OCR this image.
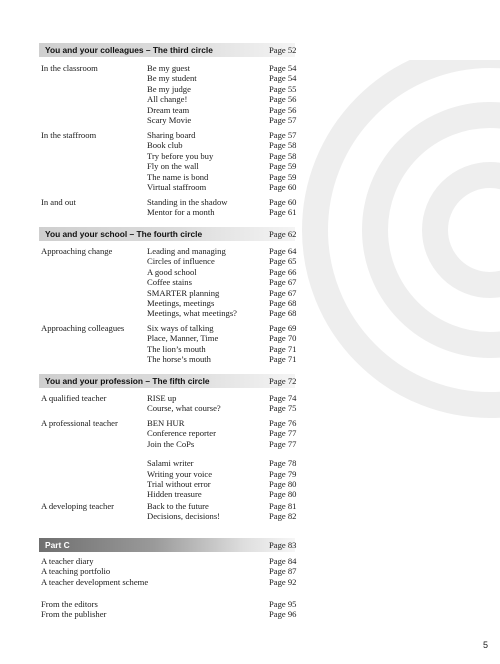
You and your colleagues – The third circle	Page 52
In the classroom	Be my guest	Page 54
Be my student	Page 54
Be my judge	Page 55
All change!	Page 56
Dream team	Page 56
Scary Movie	Page 57
In the staffroom	Sharing board	Page 57
Book club	Page 58
Try before you buy	Page 58
Fly on the wall	Page 59
The name is bond	Page 59
Virtual staffroom	Page 60
In and out	Standing in the shadow	Page 60
Mentor for a month	Page 61
You and your school – The fourth circle	Page 62
Approaching change	Leading and managing	Page 64
Circles of influence	Page 65
A good school	Page 66
Coffee stains	Page 67
SMARTER planning	Page 67
Meetings, meetings	Page 68
Meetings, what meetings?	Page 68
Approaching colleagues	Six ways of talking	Page 69
Place, Manner, Time	Page 70
The lion’s mouth	Page 71
The horse’s mouth	Page 71
You and your profession – The fifth circle	Page 72
A qualified teacher	RISE up	Page 74
Course, what course?	Page 75
A professional teacher	BEN HUR	Page 76
Conference reporter	Page 77
Join the CoPs	Page 77
Salami writer	Page 78
Writing your voice	Page 79
Trial without error	Page 80
Hidden treasure	Page 80
A developing teacher	Back to the future	Page 81
Decisions, decisions!	Page 82
Part C	Page 83
A teacher diary	Page 84
A teaching portfolio	Page 87
A teacher development scheme	Page 92
From the editors	Page 95
From the publisher	Page 96
5
